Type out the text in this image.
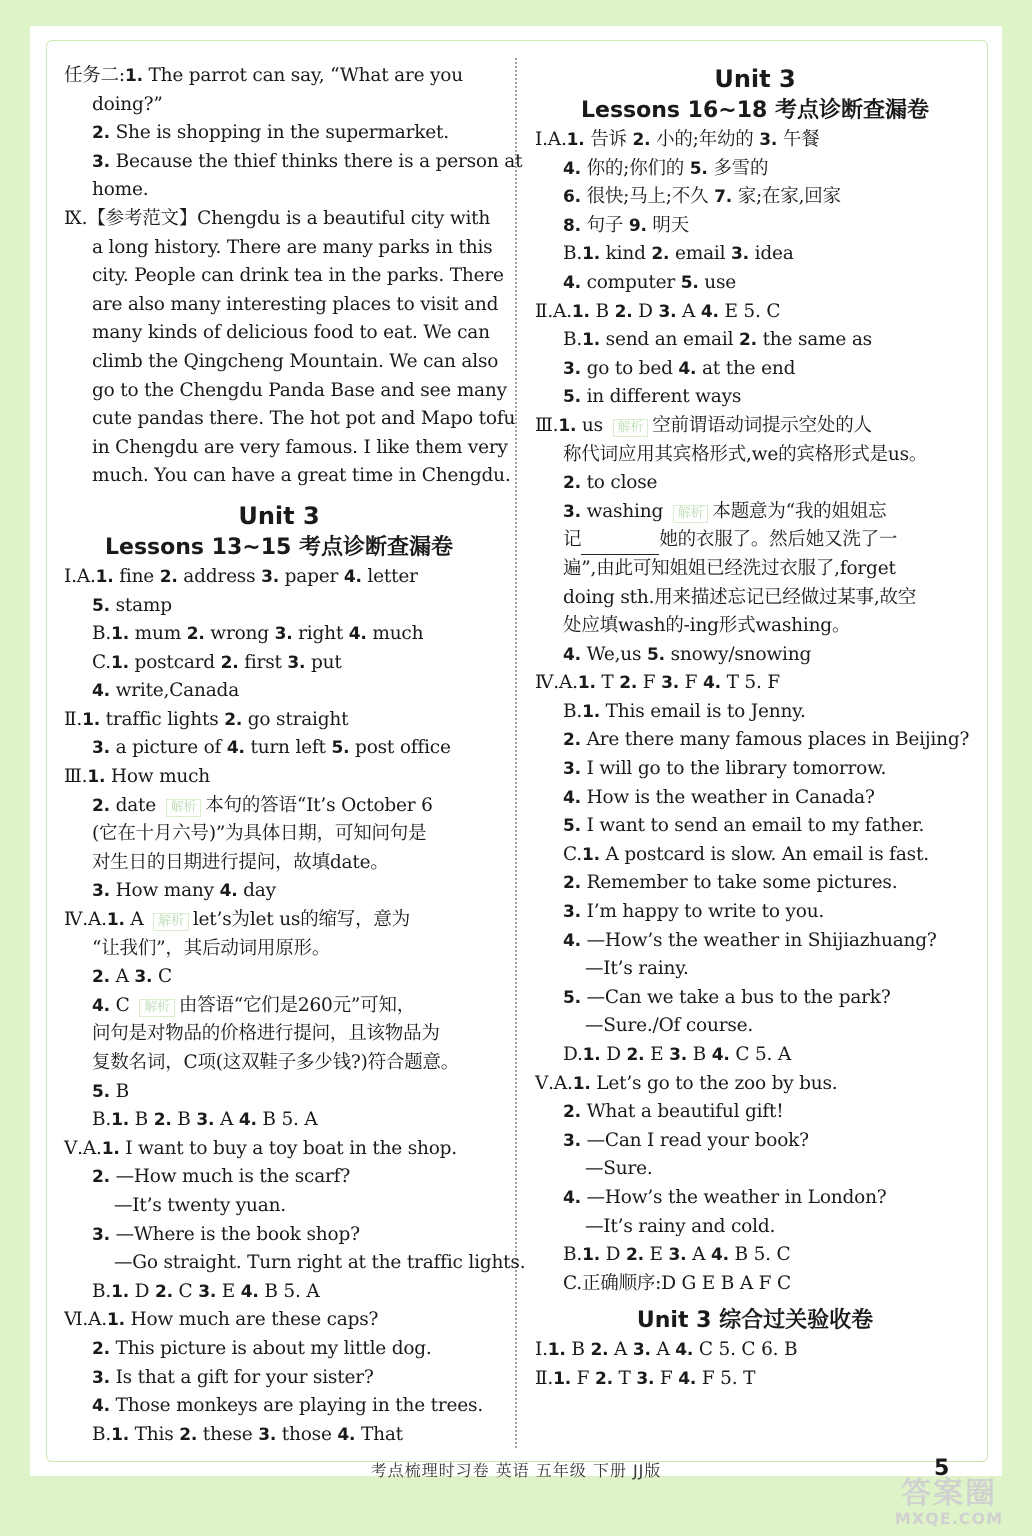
任务二:1. The parrot can say, “What are you
doing?”
2. She is shopping in the supermarket.
3. Because the thief thinks there is a person at
home.
Ⅸ.【参考范文】Chengdu is a beautiful city with
a long history. There are many parks in this
city. People can drink tea in the parks. There
are also many interesting places to visit and
many kinds of delicious food to eat. We can
climb the Qingcheng Mountain. We can also
go to the Chengdu Panda Base and see many
cute pandas there. The hot pot and Mapo tofu
in Chengdu are very famous. I like them very
much. You can have a great time in Chengdu.
Unit 3
Lessons 13~15 考点诊断查漏卷
Ⅰ.A.1. fine 2. address 3. paper 4. letter
5. stamp
B.1. mum 2. wrong 3. right 4. much
C.1. postcard 2. first 3. put
4. write,Canada
Ⅱ.1. traffic lights 2. go straight
3. a picture of 4. turn left 5. post office
Ⅲ.1. How much
2. date 解析 本句的答语“It’s October 6
(它在十月六号)”为具体日期，可知问句是
对生日的日期进行提问，故填date。
3. How many 4. day
Ⅳ.A.1. A 解析 let’s为let us的缩写，意为
“让我们”，其后动词用原形。
2. A 3. C
4. C 解析 由答语“它们是260元”可知，
问句是对物品的价格进行提问，且该物品为
复数名词，C项(这双鞋子多少钱?)符合题意。
5. B
B.1. B 2. B 3. A 4. B 5. A
Ⅴ.A.1. I want to buy a toy boat in the shop.
2. —How much is the scarf?
—It’s twenty yuan.
3. —Where is the book shop?
—Go straight. Turn right at the traffic lights.
B.1. D 2. C 3. E 4. B 5. A
Ⅵ.A.1. How much are these caps?
2. This picture is about my little dog.
3. Is that a gift for your sister?
4. Those monkeys are playing in the trees.
B.1. This 2. these 3. those 4. That
Unit 3
Lessons 16~18 考点诊断查漏卷
Ⅰ.A.1. 告诉 2. 小的;年幼的 3. 午餐
4. 你的;你们的 5. 多雪的
6. 很快;马上;不久 7. 家;在家,回家
8. 句子 9. 明天
B.1. kind 2. email 3. idea
4. computer 5. use
Ⅱ.A.1. B 2. D 3. A 4. E 5. C
B.1. send an email 2. the same as
3. go to bed 4. at the end
5. in different ways
Ⅲ.1. us 解析 空前谓语动词提示空处的人
称代词应用其宾格形式,we的宾格形式是us。
2. to close
3. washing 解析 本题意为“我的姐姐忘
记	她的衣服了。然后她又洗了一
遍”,由此可知姐姐已经洗过衣服了,forget
doing sth.用来描述忘记已经做过某事,故空
处应填wash的-ing形式washing。
4. We,us 5. snowy/snowing
Ⅳ.A.1. T 2. F 3. F 4. T 5. F
B.1. This email is to Jenny.
2. Are there many famous places in Beijing?
3. I will go to the library tomorrow.
4. How is the weather in Canada?
5. I want to send an email to my father.
C.1. A postcard is slow. An email is fast.
2. Remember to take some pictures.
3. I’m happy to write to you.
4. —How’s the weather in Shijiazhuang?
—It’s rainy.
5. —Can we take a bus to the park?
—Sure./Of course.
D.1. D 2. E 3. B 4. C 5. A
Ⅴ.A.1. Let’s go to the zoo by bus.
2. What a beautiful gift!
3. —Can I read your book?
—Sure.
4. —How’s the weather in London?
—It’s rainy and cold.
B.1. D 2. E 3. A 4. B 5. C
C.正确顺序:D G E B A F C
Unit 3 综合过关验收卷
Ⅰ.1. B 2. A 3. A 4. C 5. C 6. B
Ⅱ.1. F 2. T 3. F 4. F 5. T
考点梳理时习卷 英语 五年级 下册 JJ版	5
答案圈
MXQE.COM
